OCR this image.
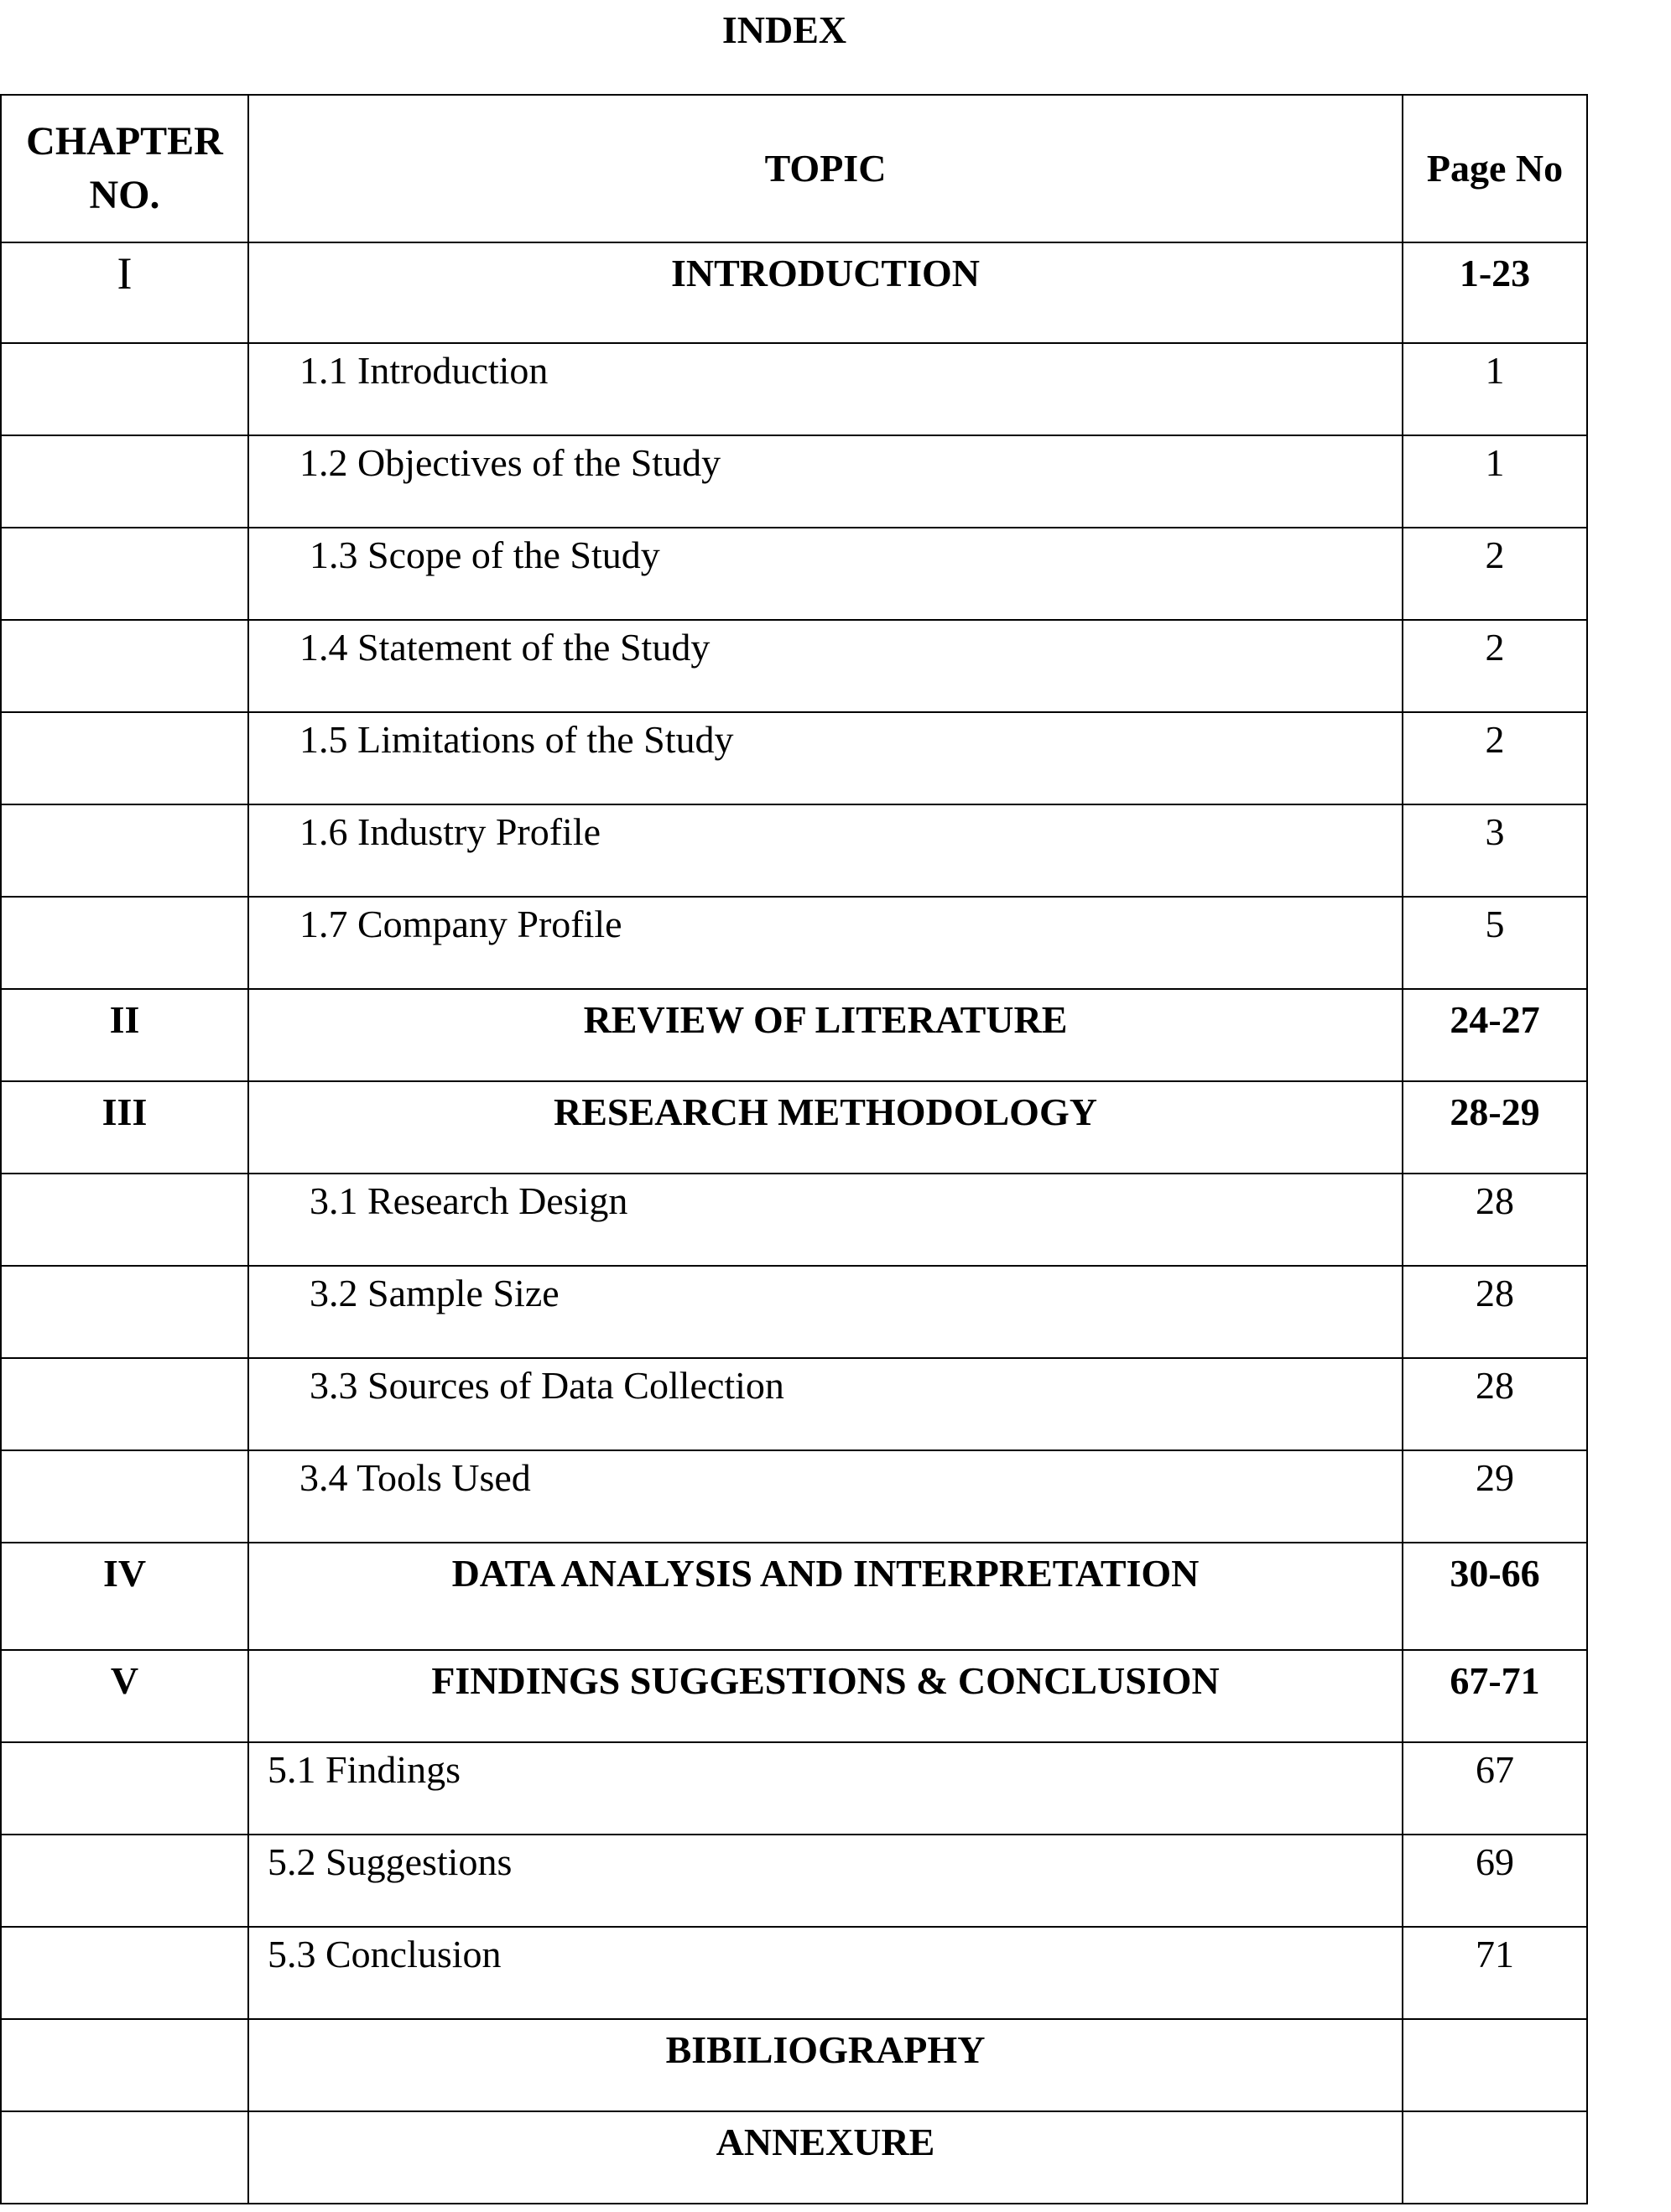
INDEX
CHAPTER NO.	TOPIC	Page No
I	INTRODUCTION	1-23
	1.1 Introduction	1
	1.2 Objectives of the Study	1
	1.3 Scope of the Study	2
	1.4 Statement of the Study	2
	1.5 Limitations of the Study	2
	1.6 Industry Profile	3
	1.7 Company Profile	5
II	REVIEW OF LITERATURE	24-27
III	RESEARCH METHODOLOGY	28-29
	3.1 Research Design	28
	3.2 Sample Size	28
	3.3 Sources of Data Collection	28
	3.4 Tools Used	29
IV	DATA ANALYSIS AND INTERPRETATION	30-66
V	FINDINGS SUGGESTIONS & CONCLUSION	67-71
	5.1 Findings	67
	5.2 Suggestions	69
	5.3 Conclusion	71
	BIBILIOGRAPHY	
	ANNEXURE	
